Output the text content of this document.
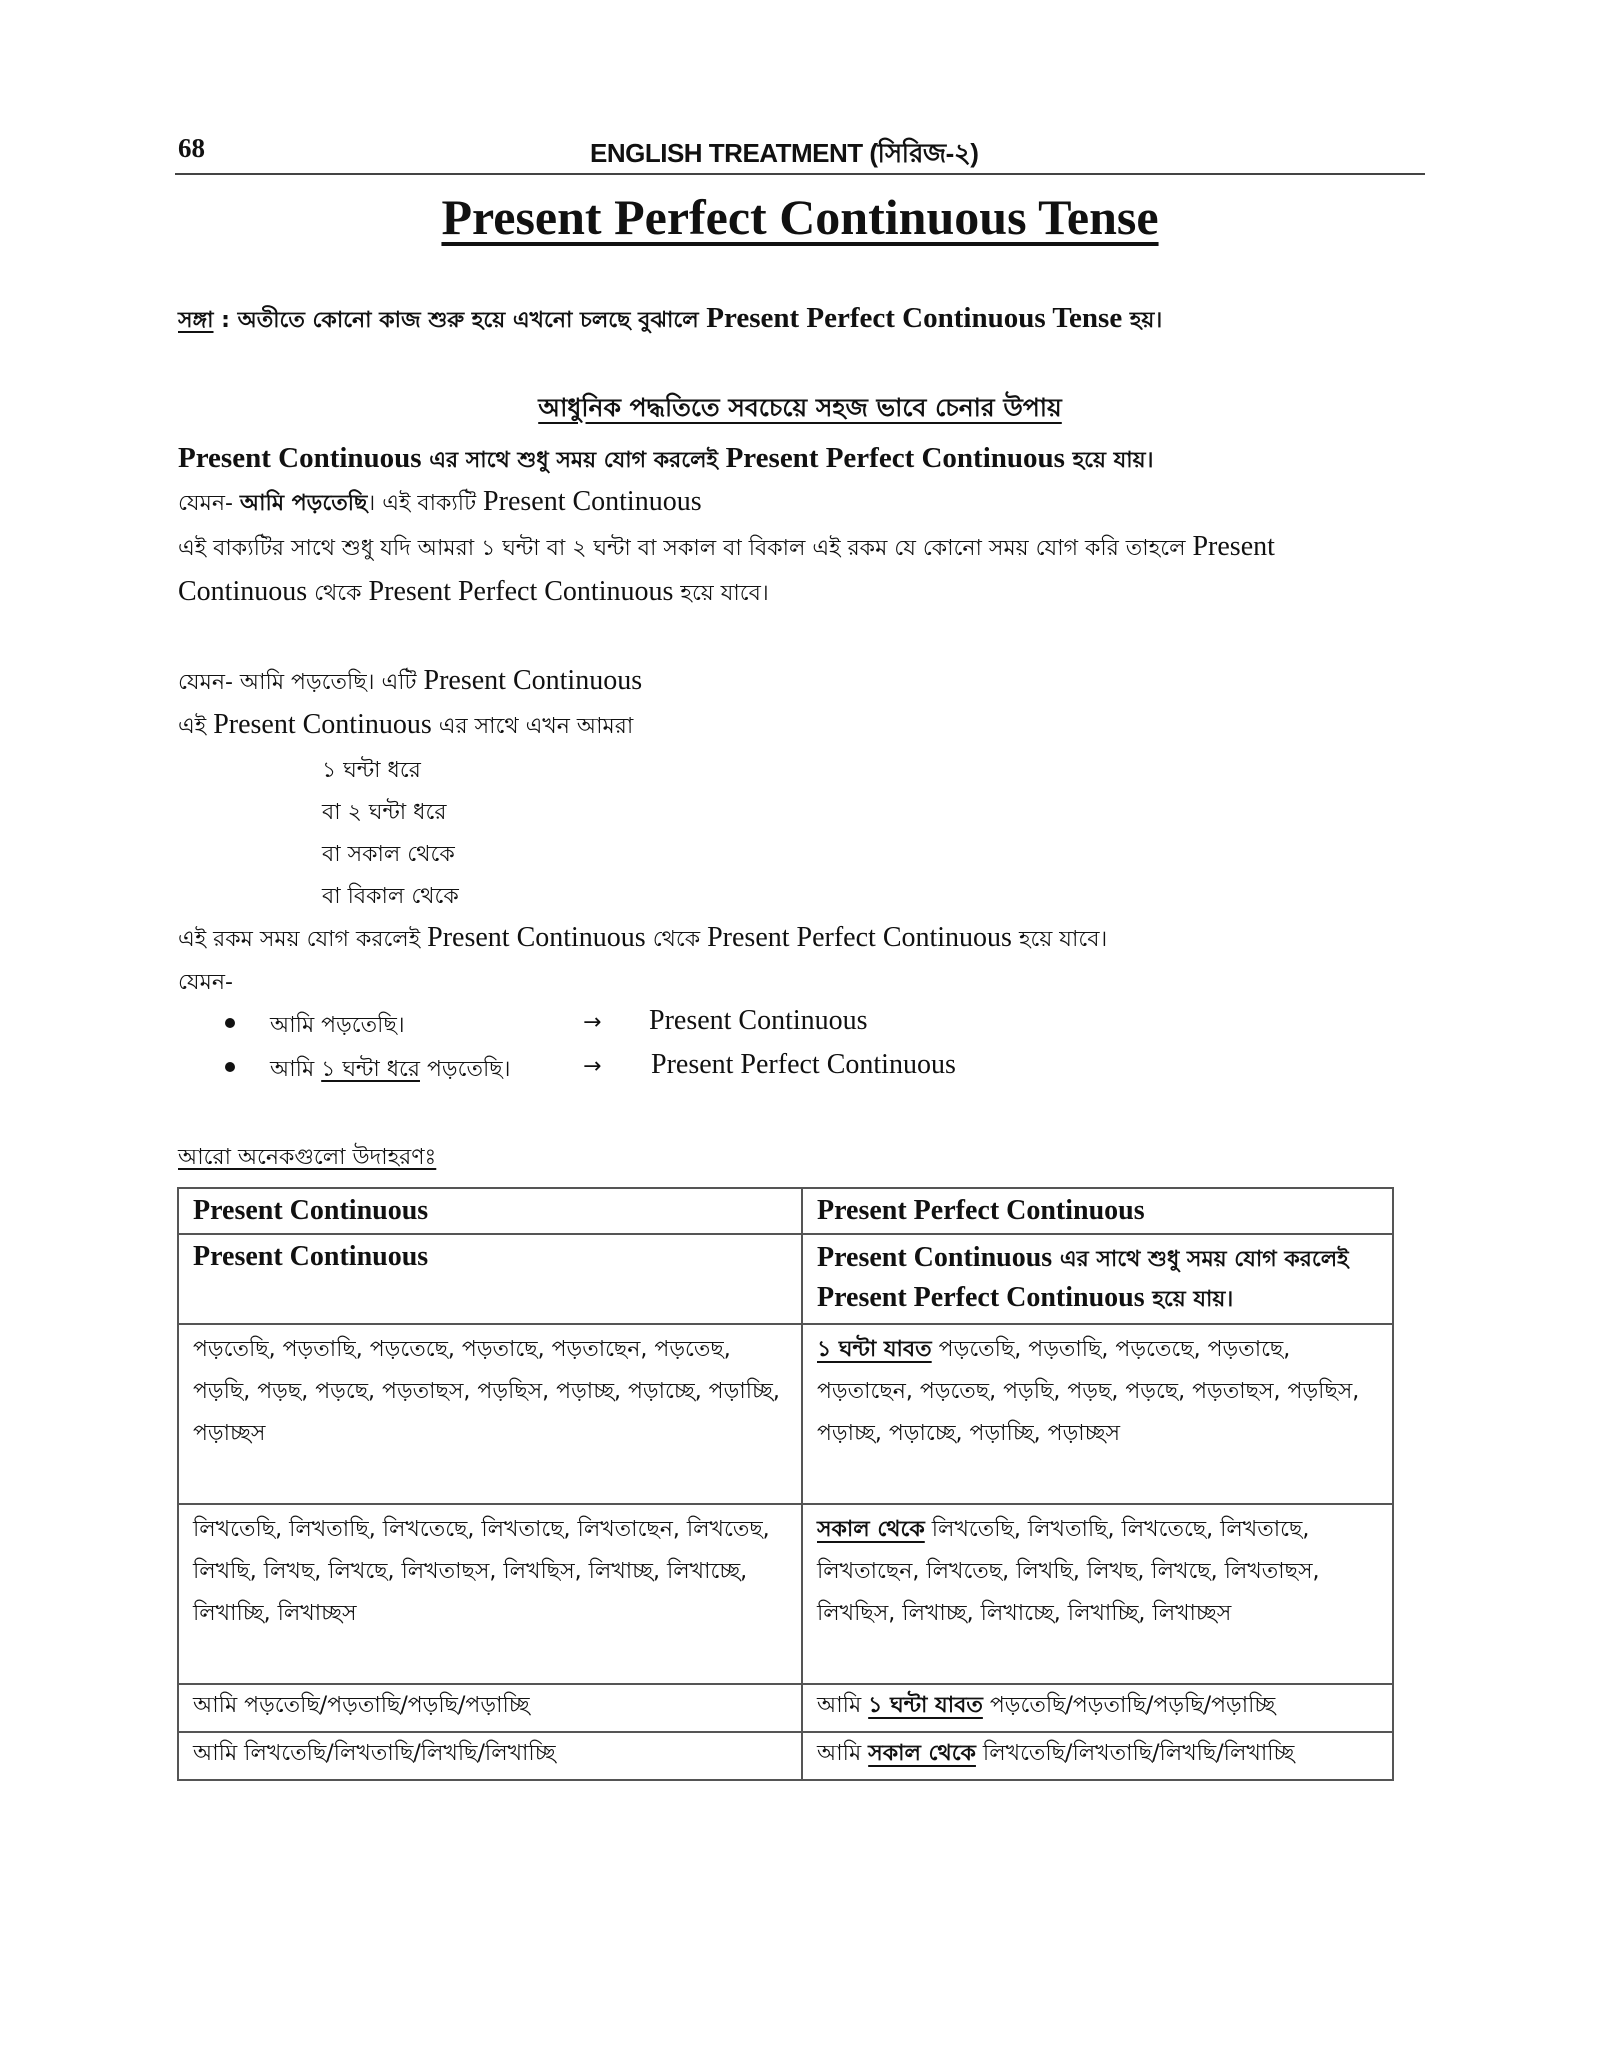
68	ENGLISH TREATMENT (সিরিজ-২)
Present Perfect Continuous Tense
সঙ্গা : অতীতে কোনো কাজ শুরু হয়ে এখনো চলছে বুঝালে Present Perfect Continuous Tense হয়।
আধুনিক পদ্ধতিতে সবচেয়ে সহজ ভাবে চেনার উপায়
Present Continuous এর সাথে শুধু সময় যোগ করলেই Present Perfect Continuous হয়ে যায়।
যেমন- আমি পড়তেছি। এই বাক্যটি Present Continuous
এই বাক্যটির সাথে শুধু যদি আমরা ১ ঘন্টা বা ২ ঘন্টা বা সকাল বা বিকাল এই রকম যে কোনো সময় যোগ করি তাহলে Present
Continuous থেকে Present Perfect Continuous হয়ে যাবে।
যেমন- আমি পড়তেছি। এটি Present Continuous
এই Present Continuous এর সাথে এখন আমরা
১ ঘন্টা ধরে
বা ২ ঘন্টা ধরে
বা সকাল থেকে
বা বিকাল থেকে
এই রকম সময় যোগ করলেই Present Continuous থেকে Present Perfect Continuous হয়ে যাবে।
যেমন-
আমি পড়তেছি।	→ Present Continuous
আমি ১ ঘন্টা ধরে পড়তেছি।	→ Present Perfect Continuous
আরো অনেকগুলো উদাহরণঃ
Present Continuous	Present Perfect Continuous
Present Continuous	Present Continuous এর সাথে শুধু সময় যোগ করলেই Present Perfect Continuous হয়ে যায়।
পড়তেছি, পড়তাছি, পড়তেছে, পড়তাছে, পড়তাছেন, পড়তেছ, পড়ছি, পড়ছ, পড়ছে, পড়তাছস, পড়ছিস, পড়াচ্ছ, পড়াচ্ছে, পড়াচ্ছি, পড়াচ্ছস	১ ঘন্টা যাবত পড়তেছি, পড়তাছি, পড়তেছে, পড়তাছে, পড়তাছেন, পড়তেছ, পড়ছি, পড়ছ, পড়ছে, পড়তাছস, পড়ছিস, পড়াচ্ছ, পড়াচ্ছে, পড়াচ্ছি, পড়াচ্ছস
লিখতেছি, লিখতাছি, লিখতেছে, লিখতাছে, লিখতাছেন, লিখতেছ, লিখছি, লিখছ, লিখছে, লিখতাছস, লিখছিস, লিখাচ্ছ, লিখাচ্ছে, লিখাচ্ছি, লিখাচ্ছস	সকাল থেকে লিখতেছি, লিখতাছি, লিখতেছে, লিখতাছে, লিখতাছেন, লিখতেছ, লিখছি, লিখছ, লিখছে, লিখতাছস, লিখছিস, লিখাচ্ছ, লিখাচ্ছে, লিখাচ্ছি, লিখাচ্ছস
আমি পড়তেছি/পড়তাছি/পড়ছি/পড়াচ্ছি	আমি ১ ঘন্টা যাবত পড়তেছি/পড়তাছি/পড়ছি/পড়াচ্ছি
আমি লিখতেছি/লিখতাছি/লিখছি/লিখাচ্ছি	আমি সকাল থেকে লিখতেছি/লিখতাছি/লিখছি/লিখাচ্ছি
